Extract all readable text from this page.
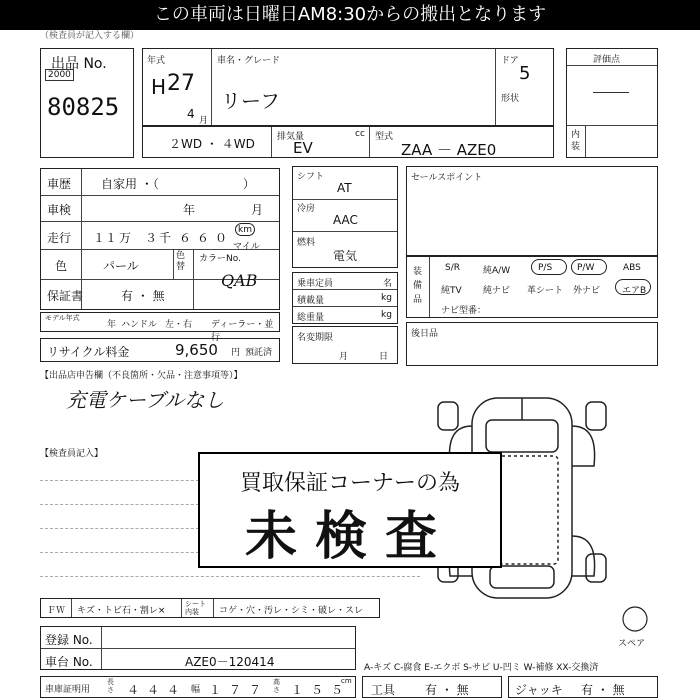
この車両は日曜日AM8:30からの搬出となります
（検査員が記入する欄）
出品 No.
2000
80825
年式
H 27
4 月
車名・グレード
リーフ
ドア
5
形状
評価点
―――
内装
２WD ・ ４WD 排気量	cc
EV
型式
ZAA － AZE0
車歴 自家用 ・（　　　　　　　）
車検	年	月
走行 １１ 万 ３ 千 ６６０
km
マイル
色	パール
色替
カラーNo.
QAB
保証書	有 ・ 無
モデル年式
年 ハンドル 左・右 ディーラー・並行
リサイクル料金	9,650 円 預託済
シフト
AT
冷房
AAC
燃料
電気
乗車定員	名
積載量	kg
総重量	kg
名変期限
月	日
セールスポイント
装備品
S/R	純A/W	P/S	P/W	ABS
純TV 純ナビ 革シート 外ナビ エアB
ナビ型番：
後日品
【出品店申告欄（不良箇所・欠品・注意事項等）】
充電ケーブルなし
【検査員記入】
スペア
買取保証コーナーの為
未検査
ＦＷ キズ・トビ石・割レ×
シート内装	コゲ・穴・汚レ・シミ・破レ・スレ
登録 No.
車台 No.	AZE0－120414	A-キズ C-腐食 E-エクボ S-サビ U-凹ミ W-補修 XX-交換済
車庫証明用
長さ ４４４ 幅 １７７
高さ １５５
cm
工具 有 ・ 無	ジャッキ 有 ・ 無
